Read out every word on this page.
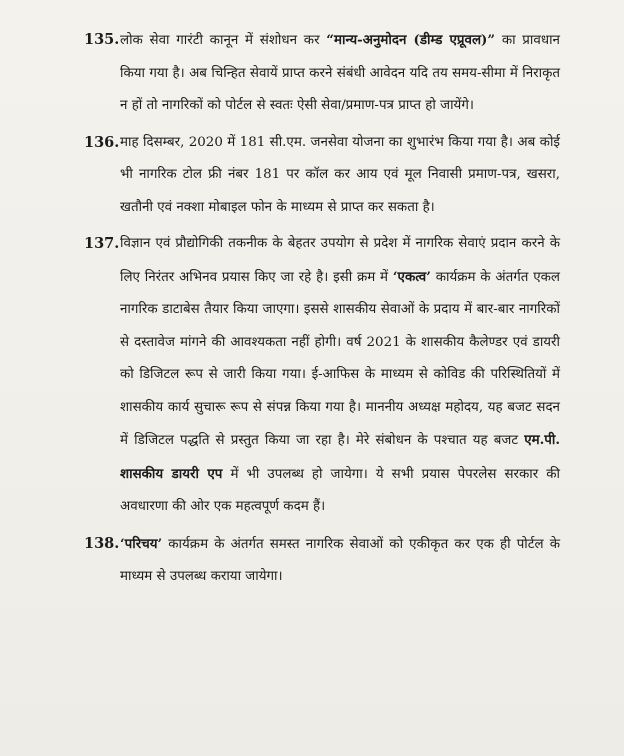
135. लोक सेवा गारंटी कानून में संशोधन कर “मान्य-अनुमोदन (डीम्ड एप्रूवल)” का प्रावधान किया गया है। अब चिन्हित सेवायें प्राप्त करने संबंधी आवेदन यदि तय समय-सीमा में निराकृत न हों तो नागरिकों को पोर्टल से स्वतः ऐसी सेवा/प्रमाण-पत्र प्राप्त हो जायेंगे।
136. माह दिसम्बर, 2020 में 181 सी.एम. जनसेवा योजना का शुभारंभ किया गया है। अब कोई भी नागरिक टोल फ्री नंबर 181 पर कॉल कर आय एवं मूल निवासी प्रमाण-पत्र, खसरा, खतौनी एवं नक्शा मोबाइल फोन के माध्यम से प्राप्त कर सकता है।
137. विज्ञान एवं प्रौद्योगिकी तकनीक के बेहतर उपयोग से प्रदेश में नागरिक सेवाएं प्रदान करने के लिए निरंतर अभिनव प्रयास किए जा रहे है। इसी क्रम में ‘एकत्व’ कार्यक्रम के अंतर्गत एकल नागरिक डाटाबेस तैयार किया जाएगा। इससे शासकीय सेवाओं के प्रदाय में बार-बार नागरिकों से दस्तावेज मांगने की आवश्यकता नहीं होगी। वर्ष 2021 के शासकीय कैलेण्डर एवं डायरी को डिजिटल रूप से जारी किया गया। ई-आफिस के माध्यम से कोविड की परिस्थितियों में शासकीय कार्य सुचारू रूप से संपन्न किया गया है। माननीय अध्यक्ष महोदय, यह बजट सदन में डिजिटल पद्धति से प्रस्तुत किया जा रहा है। मेरे संबोधन के पश्चात यह बजट एम.पी. शासकीय डायरी एप में भी उपलब्ध हो जायेगा। ये सभी प्रयास पेपरलेस सरकार की अवधारणा की ओर एक महत्वपूर्ण कदम हैं।
138. ‘परिचय’ कार्यक्रम के अंतर्गत समस्त नागरिक सेवाओं को एकीकृत कर एक ही पोर्टल के माध्यम से उपलब्ध कराया जायेगा।
